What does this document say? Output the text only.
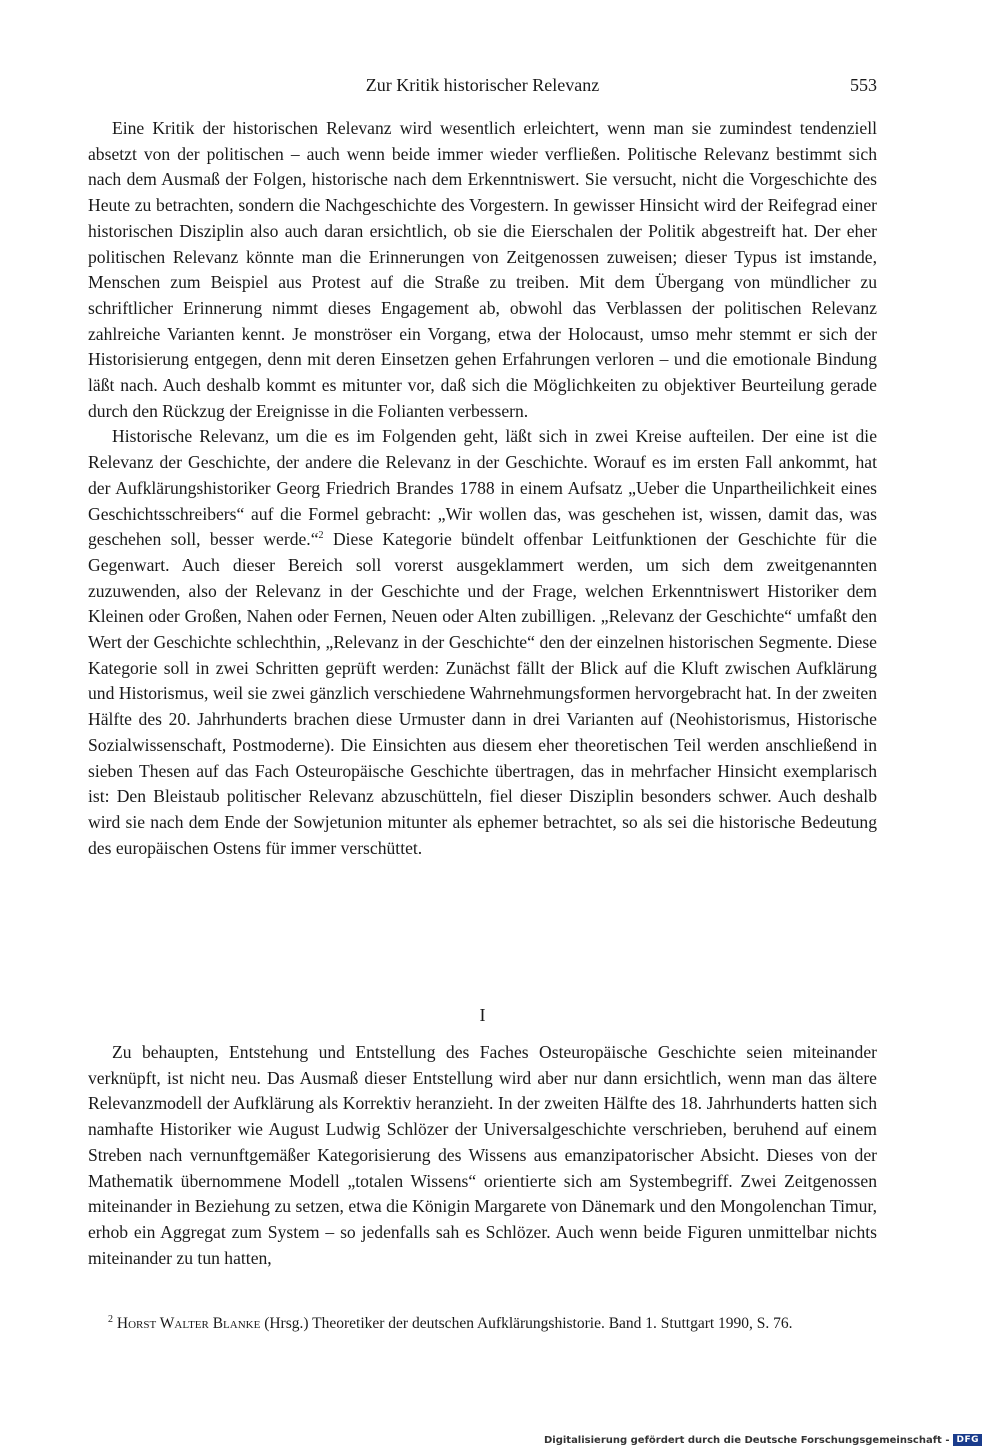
Zur Kritik historischer Relevanz	553

Eine Kritik der historischen Relevanz wird wesentlich erleichtert, wenn man sie zumindest tendenziell absetzt von der politischen – auch wenn beide immer wieder verfließen. Politische Relevanz bestimmt sich nach dem Ausmaß der Folgen, historische nach dem Erkenntniswert. Sie versucht, nicht die Vorgeschichte des Heute zu betrachten, sondern die Nachgeschichte des Vorgestern. In gewisser Hinsicht wird der Reifegrad einer historischen Disziplin also auch daran ersichtlich, ob sie die Eierschalen der Politik abgestreift hat. Der eher politischen Relevanz könnte man die Erinnerungen von Zeitgenossen zuweisen; dieser Typus ist imstande, Menschen zum Beispiel aus Protest auf die Straße zu treiben. Mit dem Übergang von mündlicher zu schriftlicher Erinnerung nimmt dieses Engagement ab, obwohl das Verblassen der politischen Relevanz zahlreiche Varianten kennt. Je monströser ein Vorgang, etwa der Holocaust, umso mehr stemmt er sich der Historisierung entgegen, denn mit deren Einsetzen gehen Erfahrungen verloren – und die emotionale Bindung läßt nach. Auch deshalb kommt es mitunter vor, daß sich die Möglichkeiten zu objektiver Beurteilung gerade durch den Rückzug der Ereignisse in die Folianten verbessern.

Historische Relevanz, um die es im Folgenden geht, läßt sich in zwei Kreise aufteilen. Der eine ist die Relevanz der Geschichte, der andere die Relevanz in der Geschichte. Worauf es im ersten Fall ankommt, hat der Aufklärungshistoriker Georg Friedrich Brandes 1788 in einem Aufsatz „Ueber die Unpartheilichkeit eines Geschichtsschreibers“ auf die Formel gebracht: „Wir wollen das, was geschehen ist, wissen, damit das, was geschehen soll, besser werde.“$^2$ Diese Kategorie bündelt offenbar Leitfunktionen der Geschichte für die Gegenwart. Auch dieser Bereich soll vorerst ausgeklammert werden, um sich dem zweitgenannten zuzuwenden, also der Relevanz in der Geschichte und der Frage, welchen Erkenntniswert Historiker dem Kleinen oder Großen, Nahen oder Fernen, Neuen oder Alten zubilligen. „Relevanz der Geschichte“ umfaßt den Wert der Geschichte schlechthin, „Relevanz in der Geschichte“ den der einzelnen historischen Segmente. Diese Kategorie soll in zwei Schritten geprüft werden: Zunächst fällt der Blick auf die Kluft zwischen Aufklärung und Historismus, weil sie zwei gänzlich verschiedene Wahrnehmungsformen hervorgebracht hat. In der zweiten Hälfte des 20. Jahrhunderts brachen diese Urmuster dann in drei Varianten auf (Neohistorismus, Historische Sozialwissenschaft, Postmoderne). Die Einsichten aus diesem eher theoretischen Teil werden anschließend in sieben Thesen auf das Fach Osteuropäische Geschichte übertragen, das in mehrfacher Hinsicht exemplarisch ist: Den Bleistaub politischer Relevanz abzuschütteln, fiel dieser Disziplin besonders schwer. Auch deshalb wird sie nach dem Ende der Sowjetunion mitunter als ephemer betrachtet, so als sei die historische Bedeutung des europäischen Ostens für immer verschüttet.

I

Zu behaupten, Entstehung und Entstellung des Faches Osteuropäische Geschichte seien miteinander verknüpft, ist nicht neu. Das Ausmaß dieser Entstellung wird aber nur dann ersichtlich, wenn man das ältere Relevanzmodell der Aufklärung als Korrektiv heranzieht. In der zweiten Hälfte des 18. Jahrhunderts hatten sich namhafte Historiker wie August Ludwig Schlözer der Universalgeschichte verschrieben, beruhend auf einem Streben nach vernunftgemäßer Kategorisierung des Wissens aus emanzipatorischer Absicht. Dieses von der Mathematik übernommene Modell „totalen Wissens“ orientierte sich am Systembegriff. Zwei Zeitgenossen miteinander in Beziehung zu setzen, etwa die Königin Margarete von Dänemark und den Mongolenchan Timur, erhob ein Aggregat zum System – so jedenfalls sah es Schlözer. Auch wenn beide Figuren unmittelbar nichts miteinander zu tun hatten,

$^2$ Horst Walter Blanke (Hrsg.) Theoretiker der deutschen Aufklärungshistorie. Band 1. Stuttgart 1990, S. 76.

Digitalisierung gefördert durch die Deutsche Forschungsgemeinschaft - DFG
